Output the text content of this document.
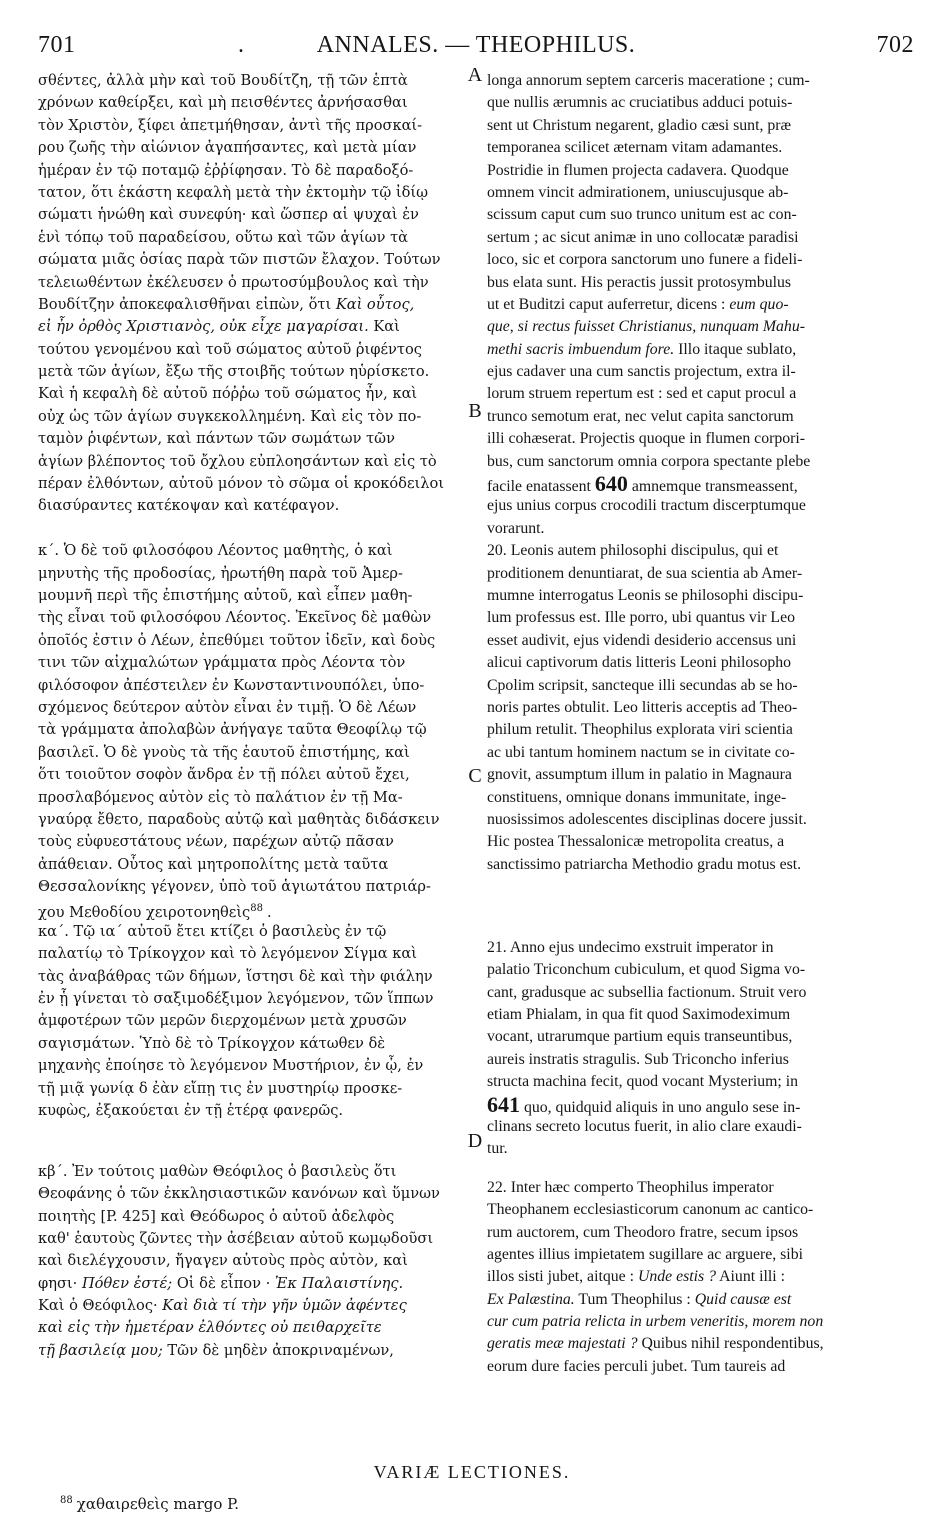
701	.	ANNALES. — THEOPHILUS.	702
A
B
C
D
σθέντες, ἀλλὰ μὴν καὶ τοῦ Βουδίτζη, τῇ τῶν ἑπτὰ
χρόνων καθείρξει, καὶ μὴ πεισθέντες ἀρνήσασθαι
τὸν Χριστὸν, ξίφει ἀπετμήθησαν, ἀντὶ τῆς προσκαί-
ρου ζωῆς τὴν αἰώνιον ἀγαπήσαντες, καὶ μετὰ μίαν
ἡμέραν ἐν τῷ ποταμῷ ἐῤῥίφησαν. Τὸ δὲ παραδοξό-
τατον, ὅτι ἑκάστη κεφαλὴ μετὰ τὴν ἐκτομὴν τῷ ἰδίῳ
σώματι ἡνώθη καὶ συνεφύη· καὶ ὥσπερ αἱ ψυχαὶ ἐν
ἑνὶ τόπῳ τοῦ παραδείσου, οὕτω καὶ τῶν ἁγίων τὰ
σώματα μιᾶς ὁσίας παρὰ τῶν πιστῶν ἔλαχον. Τούτων
τελειωθέντων ἐκέλευσεν ὁ πρωτοσύμβουλος καὶ τὴν
Βουδίτζην ἀποκεφαλισθῆναι εἰπὼν, ὅτι Καὶ οὗτος,
εἰ ἦν ὀρθὸς Χριστιανὸς, οὐκ εἶχε μαγαρίσαι. Καὶ
τούτου γενομένου καὶ τοῦ σώματος αὐτοῦ ῥιφέντος
μετὰ τῶν ἁγίων, ἔξω τῆς στοιβῆς τούτων ηὑρίσκετο.
Καὶ ἡ κεφαλὴ δὲ αὐτοῦ πόῤῥω τοῦ σώματος ἦν, καὶ
οὐχ ὡς τῶν ἁγίων συγκεκολλημένη. Καὶ εἰς τὸν πο-
ταμὸν ῥιφέντων, καὶ πάντων τῶν σωμάτων τῶν
ἁγίων βλέποντος τοῦ ὄχλου εὐπλοησάντων καὶ εἰς τὸ
πέραν ἐλθόντων, αὐτοῦ μόνον τὸ σῶμα οἱ κροκόδειλοι
διασύραντες κατέκοψαν καὶ κατέφαγον.
κ΄. Ὁ δὲ τοῦ φιλοσόφου Λέοντος μαθητὴς, ὁ καὶ
μηνυτὴς τῆς προδοσίας, ἠρωτήθη παρὰ τοῦ Ἀμερ-
μουμνῆ περὶ τῆς ἐπιστήμης αὐτοῦ, καὶ εἶπεν μαθη-
τὴς εἶναι τοῦ φιλοσόφου Λέοντος. Ἐκεῖνος δὲ μαθὼν
ὁποῖός ἐστιν ὁ Λέων, ἐπεθύμει τοῦτον ἰδεῖν, καὶ δοὺς
τινι τῶν αἰχμαλώτων γράμματα πρὸς Λέοντα τὸν
φιλόσοφον ἀπέστειλεν ἐν Κωνσταντινουπόλει, ὑπο-
σχόμενος δεύτερον αὐτὸν εἶναι ἐν τιμῇ. Ὁ δὲ Λέων
τὰ γράμματα ἀπολαβὼν ἀνήγαγε ταῦτα Θεοφίλῳ τῷ
βασιλεῖ. Ὁ δὲ γνοὺς τὰ τῆς ἑαυτοῦ ἐπιστήμης, καὶ
ὅτι τοιοῦτον σοφὸν ἄνδρα ἐν τῇ πόλει αὐτοῦ ἔχει,
προσλαβόμενος αὐτὸν εἰς τὸ παλάτιον ἐν τῇ Μα-
γναύρᾳ ἔθετο, παραδοὺς αὐτῷ καὶ μαθητὰς διδάσκειν
τοὺς εὐφυεστάτους νέων, παρέχων αὐτῷ πᾶσαν
ἀπάθειαν. Οὗτος καὶ μητροπολίτης μετὰ ταῦτα
Θεσσαλονίκης γέγονεν, ὑπὸ τοῦ ἁγιωτάτου πατριάρ-
χου Μεθοδίου χειροτονηθεὶς$^{88}$ .
κα΄. Τῷ ια΄ αὐτοῦ ἔτει κτίζει ὁ βασιλεὺς ἐν τῷ
παλατίῳ τὸ Τρίκογχον καὶ τὸ λεγόμενον Σίγμα καὶ
τὰς ἀναβάθρας τῶν δήμων, ἵστησι δὲ καὶ τὴν φιάλην
ἐν ᾗ γίνεται τὸ σαξιμοδέξιμον λεγόμενον, τῶν ἵππων
ἀμφοτέρων τῶν μερῶν διερχομένων μετὰ χρυσῶν
σαγισμάτων. Ὑπὸ δὲ τὸ Τρίκογχον κάτωθεν δὲ
μηχανὴς ἐποίησε τὸ λεγόμενον Μυστήριον, ἐν ᾧ, ἐν
τῇ μιᾷ γωνίᾳ δ ἐὰν εἴπῃ τις ἐν μυστηρίῳ προσκε-
κυφὼς, ἐξακούεται ἐν τῇ ἑτέρᾳ φανερῶς.
κβ΄. Ἐν τούτοις μαθὼν Θεόφιλος ὁ βασιλεὺς ὅτι
Θεοφάνης ὁ τῶν ἐκκλησιαστικῶν κανόνων καὶ ὕμνων
ποιητὴς [P. 425] καὶ Θεόδωρος ὁ αὐτοῦ ἀδελφὸς
καθ' ἑαυτοὺς ζῶντες τὴν ἀσέβειαν αὐτοῦ κωμῳδοῦσι
καὶ διελέγχουσιν, ἤγαγεν αὐτοὺς πρὸς αὐτὸν, καὶ
φησι· Πόθεν ἐστέ; Οἱ δὲ εἶπον · Ἐκ Παλαιστίνης.
Καὶ ὁ Θεόφιλος· Καὶ διὰ τί τὴν γῆν ὑμῶν ἀφέντες
καὶ εἰς τὴν ἡμετέραν ἐλθόντες οὐ πειθαρχεῖτε
τῇ βασιλείᾳ μου; Τῶν δὲ μηδὲν ἀποκριναμένων,
longa annorum septem carceris maceratione ; cum-
que nullis ærumnis ac cruciatibus adduci potuis-
sent ut Christum negarent, gladio cæsi sunt, præ
temporanea scilicet æternam vitam adamantes.
Postridie in flumen projecta cadavera. Quodque
omnem vincit admirationem, uniuscujusque ab-
scissum caput cum suo trunco unitum est ac con-
sertum ; ac sicut animæ in uno collocatæ paradisi
loco, sic et corpora sanctorum uno funere a fideli-
bus elata sunt. His peractis jussit protosymbulus
ut et Buditzi caput auferretur, dicens : eum quo-
que, si rectus fuisset Christianus, nunquam Mahu-
methi sacris imbuendum fore. Illo itaque sublato,
ejus cadaver una cum sanctis projectum, extra il-
lorum struem repertum est : sed et caput procul a
trunco semotum erat, nec velut capita sanctorum
illi cohæserat. Projectis quoque in flumen corpori-
bus, cum sanctorum omnia corpora spectante plebe
facile enatassent 640 amnemque transmeassent,
ejus unius corpus crocodili tractum discerptumque
vorarunt.
20. Leonis autem philosophi discipulus, qui et
proditionem denuntiarat, de sua scientia ab Amer-
mumne interrogatus Leonis se philosophi discipu-
lum professus est. Ille porro, ubi quantus vir Leo
esset audivit, ejus videndi desiderio accensus uni
alicui captivorum datis litteris Leoni philosopho
Cpolim scripsit, sancteque illi secundas ab se ho-
noris partes obtulit. Leo litteris acceptis ad Theo-
philum retulit. Theophilus explorata viri scientia
ac ubi tantum hominem nactum se in civitate co-
gnovit, assumptum illum in palatio in Magnaura
constituens, omnique donans immunitate, inge-
nuosissimos adolescentes disciplinas docere jussit.
Hic postea Thessalonicæ metropolita creatus, a
sanctissimo patriarcha Methodio gradu motus est.
21. Anno ejus undecimo exstruit imperator in
palatio Triconchum cubiculum, et quod Sigma vo-
cant, gradusque ac subsellia factionum. Struit vero
etiam Phialam, in qua fit quod Saximodeximum
vocant, utrarumque partium equis transeuntibus,
aureis instratis stragulis. Sub Triconcho inferius
structa machina fecit, quod vocant Mysterium; in
641 quo, quidquid aliquis in uno angulo sese in-
clinans secreto locutus fuerit, in alio clare exaudi-
tur.
22. Inter hæc comperto Theophilus imperator
Theophanem ecclesiasticorum canonum ac cantico-
rum auctorem, cum Theodoro fratre, secum ipsos
agentes illius impietatem sugillare ac arguere, sibi
illos sisti jubet, aitque : Unde estis ? Aiunt illi :
Ex Palæstina. Tum Theophilus : Quid causæ est
cur cum patria relicta in urbem veneritis, morem non
geratis meæ majestati ? Quibus nihil respondentibus,
eorum dure facies perculi jubet. Tum taureis ad
VARIÆ LECTIONES.
$^{88}$ χαθαιρεθεὶς margo P.
